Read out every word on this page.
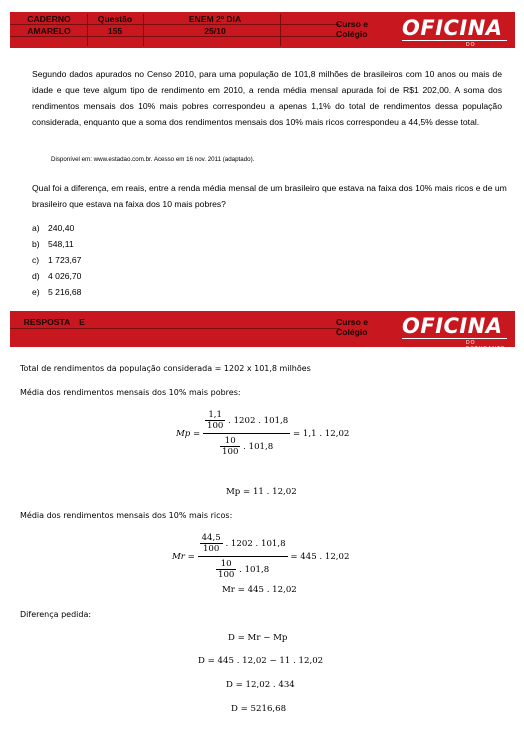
CADERNO
AMARELO
Questão
155
ENEM 2º DIA
25/10
Curso e
Colégio OFICINA
DO ESTUDANTE
Segundo dados apurados no Censo 2010, para uma população de 101,8 milhões de brasileiros com 10 anos ou mais de idade e que teve algum tipo de rendimento em 2010, a renda média mensal apurada foi de R$1 202,00. A soma dos rendimentos mensais dos 10% mais pobres correspondeu a apenas 1,1% do total de rendimentos dessa população considerada, enquanto que a soma dos rendimentos mensais dos 10% mais ricos correspondeu a 44,5% desse total.
Disponível em: www.estadao.com.br. Acesso em 16 nov. 2011 (adaptado).
Qual foi a diferença, em reais, entre a renda média mensal de um brasileiro que estava na faixa dos 10% mais ricos e de um brasileiro que estava na faixa dos 10 mais pobres?
a) 240,40
b) 548,11
c) 1 723,67
d) 4 026,70
e) 5 216,68
RESPOSTA	E	Curso e
Colégio OFICINA
DO ESTUDANTE
Total de rendimentos da população considerada = 1202 x 101,8 milhões
Média dos rendimentos mensais dos 10% mais pobres:
$Mp = \frac{\frac{1,1}{100} . 1202 . 101,8}{\frac{10}{100} . 101,8}$
= 1,1 . 12,02
Mp = 11 . 12,02
Média dos rendimentos mensais dos 10% mais ricos:
$Mr = \frac{\frac{44,5}{100} . 1202 . 101,8}{\frac{10}{100} . 101,8}$
= 445 . 12,02
Mr = 445 . 12,02
Diferença pedida:
D = Mr − Mp
D = 445 . 12,02 − 11 . 12,02
D = 12,02 . 434
D = 5216,68
